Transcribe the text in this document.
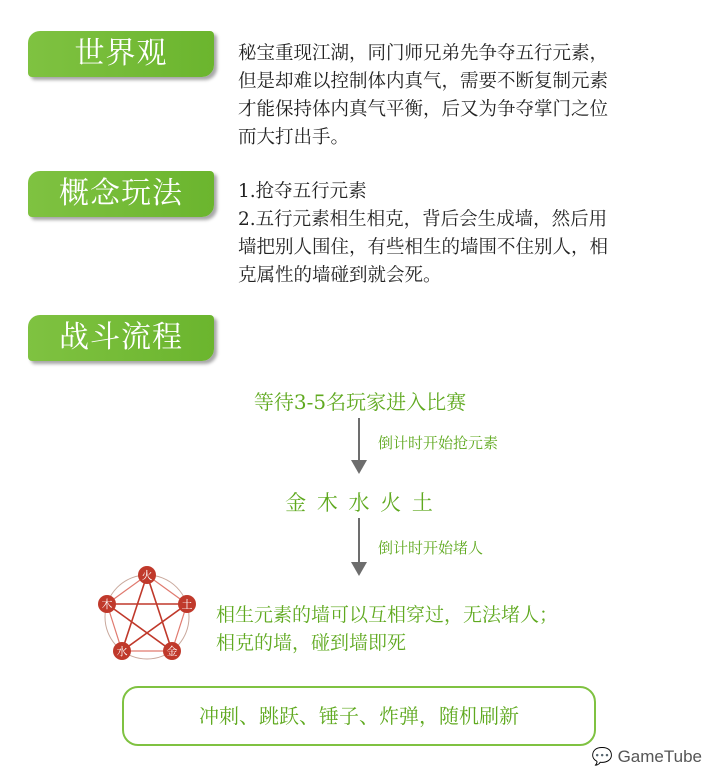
世界观	秘宝重现江湖，同门师兄弟先争夺五行元素，
但是却难以控制体内真气，需要不断复制元素
才能保持体内真气平衡，后又为争夺掌门之位
而大打出手。
概念玩法	1.抢夺五行元素
2.五行元素相生相克，背后会生成墙，然后用
墙把别人围住，有些相生的墙围不住别人，相
克属性的墙碰到就会死。
战斗流程
等待3-5名玩家进入比赛
倒计时开始抢元素
金 木 水 火 土
倒计时开始堵人
火
土
金
水
木	相生元素的墙可以互相穿过，无法堵人；
相克的墙，碰到墙即死
冲刺、跳跃、锤子、炸弹，随机刷新
💬 GameTube
